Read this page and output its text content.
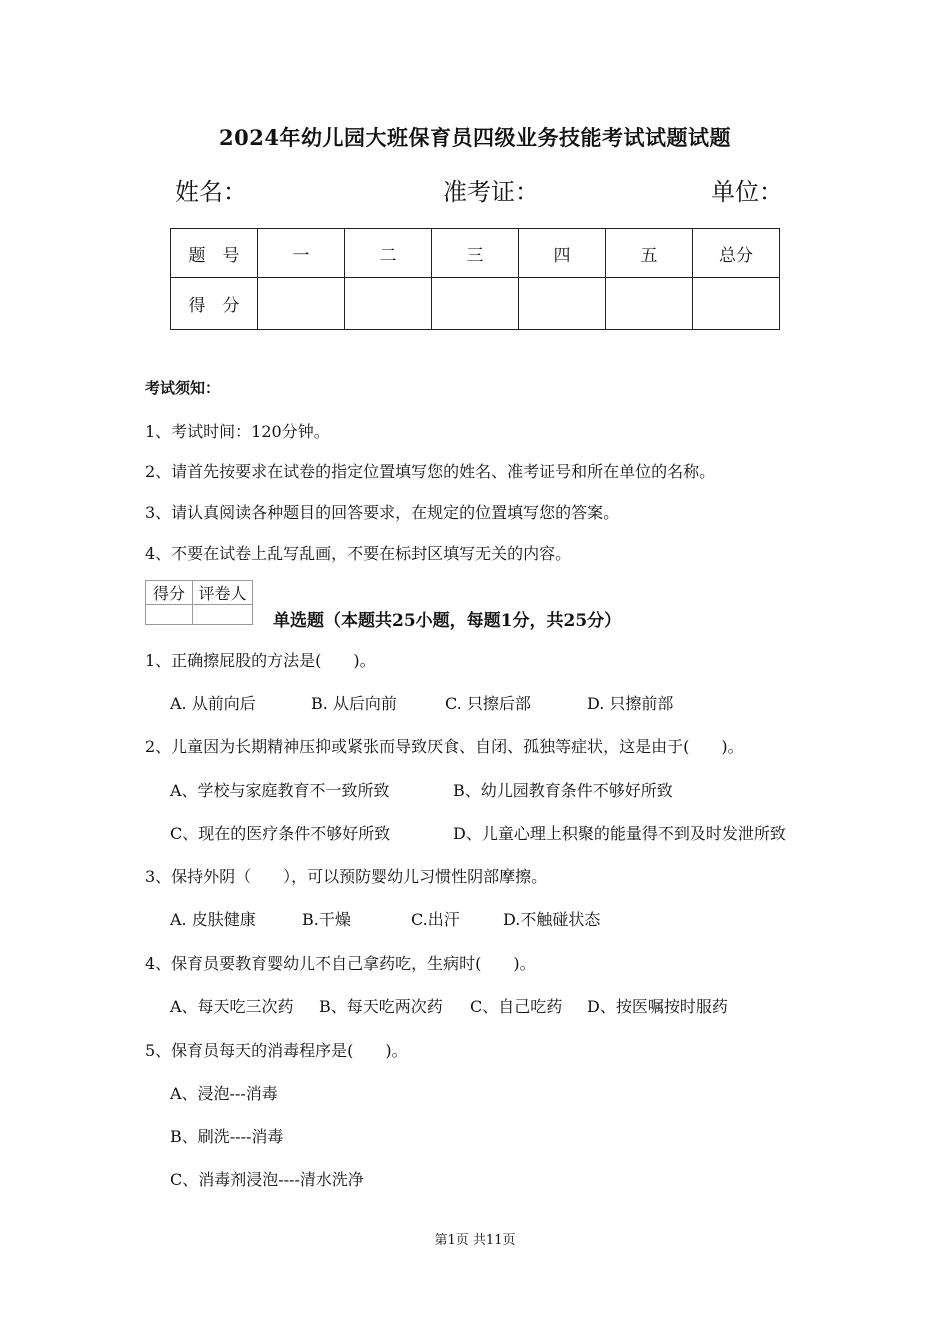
2024年幼儿园大班保育员四级业务技能考试试题试题
姓名：	准考证：	单位：
题　号	一	二	三	四	五	总分
得　分						
考试须知：
1、考试时间：120分钟。
2、请首先按要求在试卷的指定位置填写您的姓名、准考证号和所在单位的名称。
3、请认真阅读各种题目的回答要求，在规定的位置填写您的答案。
4、不要在试卷上乱写乱画，不要在标封区填写无关的内容。
得分	评卷人

单选题（本题共25小题，每题1分，共25分）
1、正确擦屁股的方法是(　　)。
A. 从前向后	B. 从后向前	C. 只擦后部	D. 只擦前部
2、儿童因为长期精神压抑或紧张而导致厌食、自闭、孤独等症状，这是由于(　　)。
A、学校与家庭教育不一致所致	B、幼儿园教育条件不够好所致
C、现在的医疗条件不够好所致	D、儿童心理上积聚的能量得不到及时发泄所致
3、保持外阴（　　），可以预防婴幼儿习惯性阴部摩擦。
A. 皮肤健康	B.干燥	C.出汗	D.不触碰状态
4、保育员要教育婴幼儿不自己拿药吃，生病时(　　)。
A、每天吃三次药 B、每天吃两次药 C、自己吃药 D、按医嘱按时服药
5、保育员每天的消毒程序是(　　)。
A、浸泡---消毒
B、刷洗----消毒
C、消毒剂浸泡----清水洗净
第1页 共11页
